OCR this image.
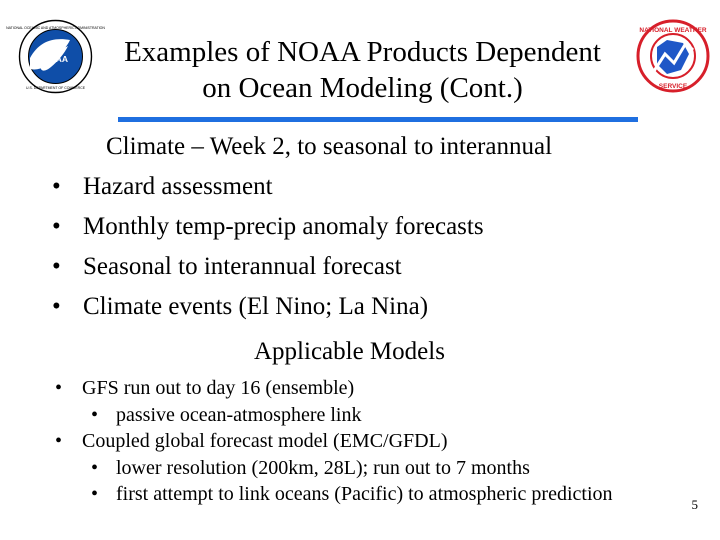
NOAA
NATIONAL OCEANIC AND ATMOSPHERIC ADMINISTRATION
U.S. DEPARTMENT OF COMMERCE
Examples of NOAA Products Dependent
on Ocean Modeling (Cont.)
NATIONAL WEATHER
SERVICE
Climate – Week 2, to seasonal to interannual
• Hazard assessment
• Monthly temp-precip anomaly forecasts
• Seasonal to interannual forecast
• Climate events (El Nino; La Nina)
Applicable Models
• GFS run out to day 16 (ensemble)
• passive ocean-atmosphere link
• Coupled global forecast model (EMC/GFDL)
• lower resolution (200km, 28L); run out to 7 months
• first attempt to link oceans (Pacific) to atmospheric prediction	5
